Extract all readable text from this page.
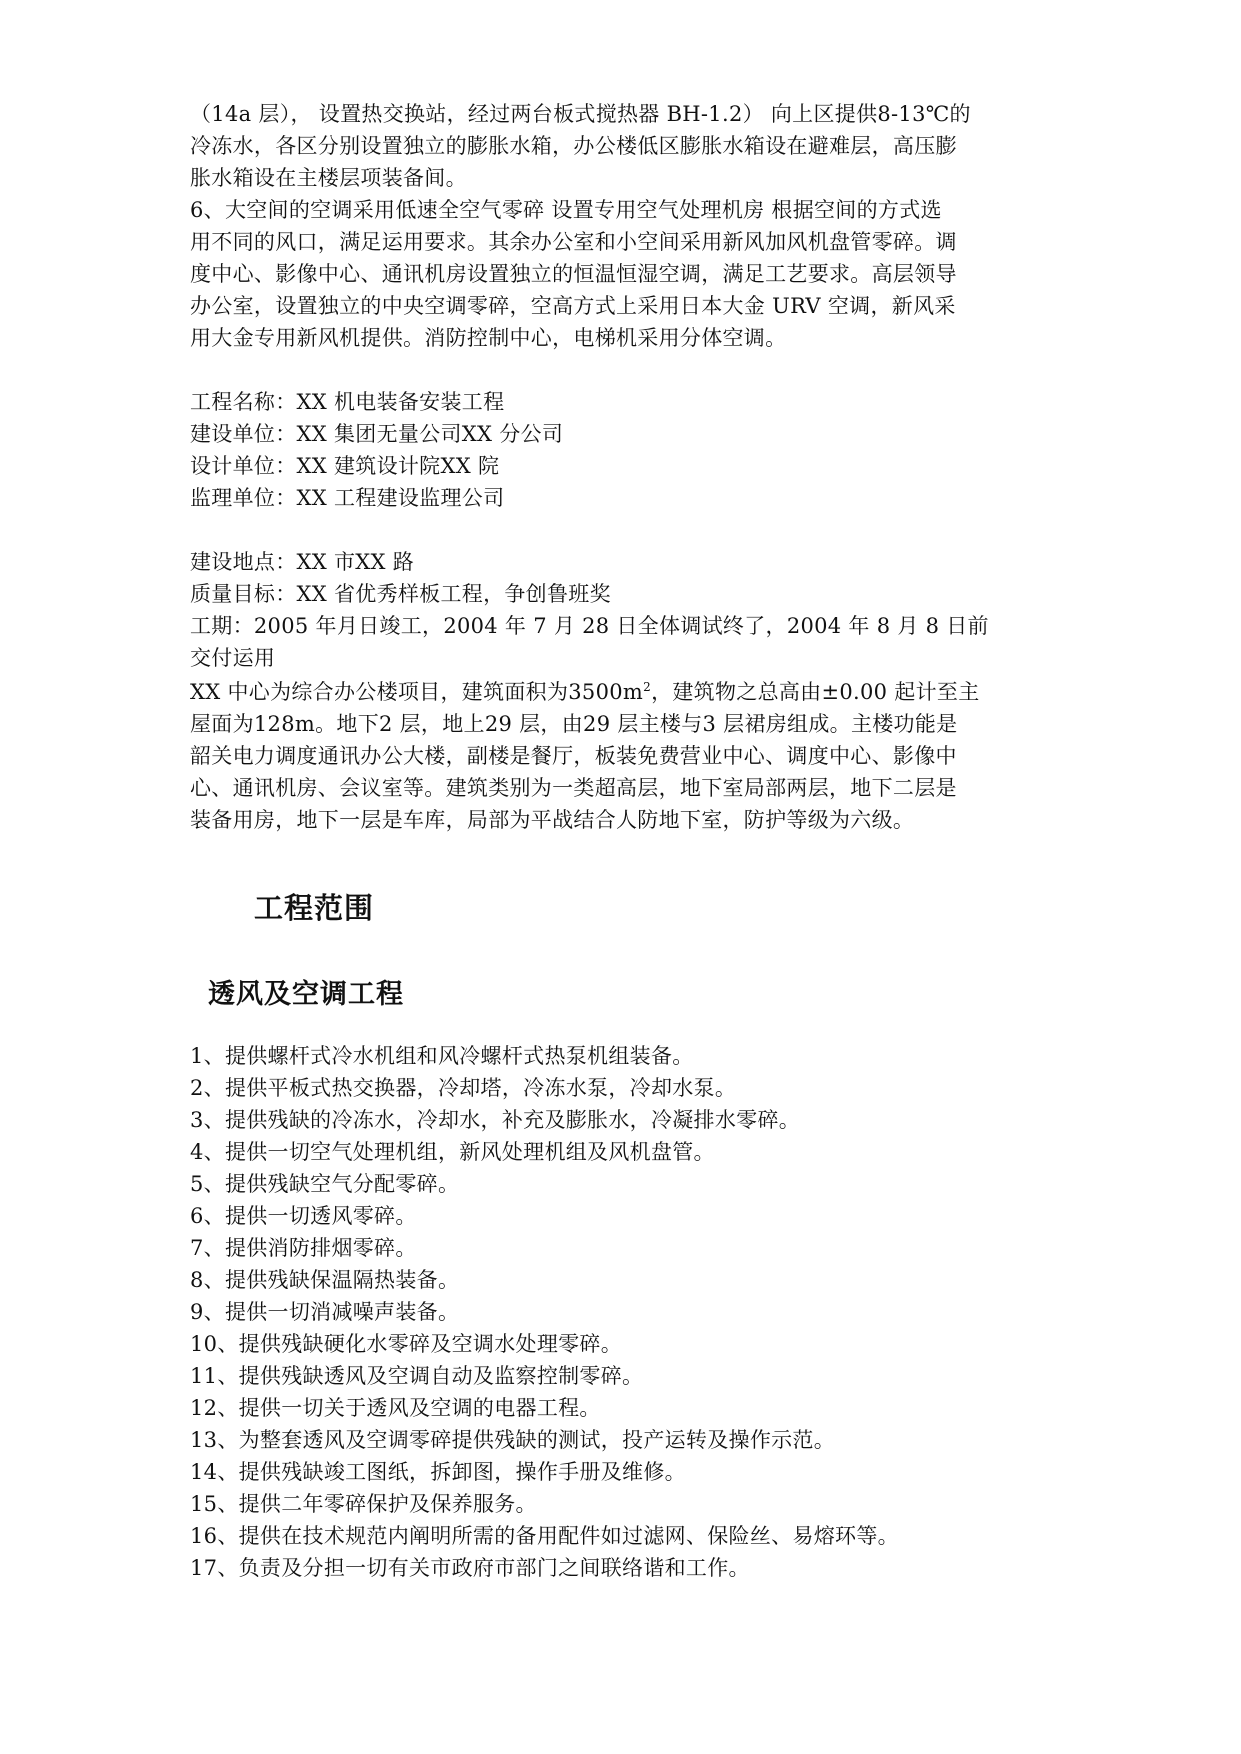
（14a 层）， 设置热交换站，经过两台板式搅热器 BH-1.2） 向上区提供8-13℃的
冷冻水，各区分别设置独立的膨胀水箱，办公楼低区膨胀水箱设在避难层，高压膨
胀水箱设在主楼层项装备间。
6、大空间的空调采用低速全空气零碎 设置专用空气处理机房 根据空间的方式选
用不同的风口，满足运用要求。其余办公室和小空间采用新风加风机盘管零碎。调
度中心、影像中心、通讯机房设置独立的恒温恒湿空调，满足工艺要求。高层领导
办公室，设置独立的中央空调零碎，空高方式上采用日本大金 URV 空调，新风采
用大金专用新风机提供。消防控制中心，电梯机采用分体空调。
工程名称：XX 机电装备安装工程
建设单位：XX 集团无量公司XX 分公司
设计单位：XX 建筑设计院XX 院
监理单位：XX 工程建设监理公司
建设地点：XX 市XX 路
质量目标：XX 省优秀样板工程，争创鲁班奖
工期：2005 年月日竣工，2004 年 7 月 28 日全体调试终了，2004 年 8 月 8 日前
交付运用
XX 中心为综合办公楼项目，建筑面积为$3500m^2$，建筑物之总高由±0.00 起计至主
屋面为128m。地下2 层，地上29 层，由29 层主楼与3 层裙房组成。主楼功能是
韶关电力调度通讯办公大楼，副楼是餐厅，板装免费营业中心、调度中心、影像中
心、通讯机房、会议室等。建筑类别为一类超高层，地下室局部两层，地下二层是
装备用房，地下一层是车库，局部为平战结合人防地下室，防护等级为六级。
工程范围
透风及空调工程
1、提供螺杆式冷水机组和风冷螺杆式热泵机组装备。
2、提供平板式热交换器，冷却塔，冷冻水泵，冷却水泵。
3、提供残缺的冷冻水，冷却水，补充及膨胀水，冷凝排水零碎。
4、提供一切空气处理机组，新风处理机组及风机盘管。
5、提供残缺空气分配零碎。
6、提供一切透风零碎。
7、提供消防排烟零碎。
8、提供残缺保温隔热装备。
9、提供一切消减噪声装备。
10、提供残缺硬化水零碎及空调水处理零碎。
11、提供残缺透风及空调自动及监察控制零碎。
12、提供一切关于透风及空调的电器工程。
13、为整套透风及空调零碎提供残缺的测试，投产运转及操作示范。
14、提供残缺竣工图纸，拆卸图，操作手册及维修。
15、提供二年零碎保护及保养服务。
16、提供在技术规范内阐明所需的备用配件如过滤网、保险丝、易熔环等。
17、负责及分担一切有关市政府市部门之间联络谐和工作。
